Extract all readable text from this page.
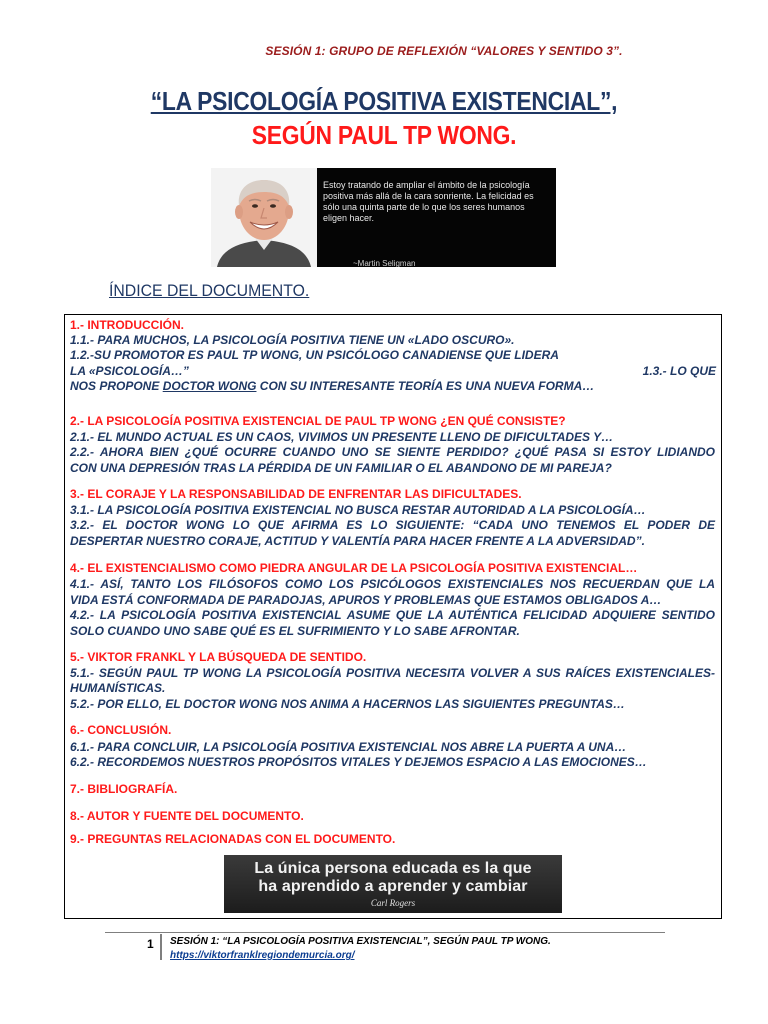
SESIÓN 1: GRUPO DE REFLEXIÓN “VALORES Y SENTIDO 3”.
“LA PSICOLOGÍA POSITIVA EXISTENCIAL”,
SEGÚN PAUL TP WONG.
Estoy tratando de ampliar el ámbito de la psicología positiva más allá de la cara sonriente. La felicidad es sólo una quinta parte de lo que los seres humanos eligen hacer.
~Martin Seligman
ÍNDICE DEL DOCUMENTO.
1.- INTRODUCCIÓN.
1.1.- PARA MUCHOS, LA PSICOLOGÍA POSITIVA TIENE UN «LADO OSCURO».
1.2.-SU PROMOTOR ES PAUL TP WONG, UN PSICÓLOGO CANADIENSE QUE LIDERA
LA «PSICOLOGÍA…”	1.3.- LO QUE
NOS PROPONE DOCTOR WONG CON SU INTERESANTE TEORÍA ES UNA NUEVA FORMA…
2.- LA PSICOLOGÍA POSITIVA EXISTENCIAL DE PAUL TP WONG ¿EN QUÉ CONSISTE?
2.1.- EL MUNDO ACTUAL ES UN CAOS, VIVIMOS UN PRESENTE LLENO DE DIFICULTADES Y…
2.2.- AHORA BIEN ¿QUÉ OCURRE CUANDO UNO SE SIENTE PERDIDO? ¿QUÉ PASA SI ESTOY LIDIANDO
CON UNA DEPRESIÓN TRAS LA PÉRDIDA DE UN FAMILIAR O EL ABANDONO DE MI PAREJA?
3.- EL CORAJE Y LA RESPONSABILIDAD DE ENFRENTAR LAS DIFICULTADES.
3.1.- LA PSICOLOGÍA POSITIVA EXISTENCIAL NO BUSCA RESTAR AUTORIDAD A LA PSICOLOGÍA…
3.2.- EL DOCTOR WONG LO QUE AFIRMA ES LO SIGUIENTE: “CADA UNO TENEMOS EL PODER DE
DESPERTAR NUESTRO CORAJE, ACTITUD Y VALENTÍA PARA HACER FRENTE A LA ADVERSIDAD”.
4.- EL EXISTENCIALISMO COMO PIEDRA ANGULAR DE LA PSICOLOGÍA POSITIVA EXISTENCIAL…
4.1.- ASÍ, TANTO LOS FILÓSOFOS COMO LOS PSICÓLOGOS EXISTENCIALES NOS RECUERDAN QUE LA
VIDA ESTÁ CONFORMADA DE PARADOJAS, APUROS Y PROBLEMAS QUE ESTAMOS OBLIGADOS A…
4.2.- LA PSICOLOGÍA POSITIVA EXISTENCIAL ASUME QUE LA AUTÉNTICA FELICIDAD ADQUIERE SENTIDO
SOLO CUANDO UNO SABE QUÉ ES EL SUFRIMIENTO Y LO SABE AFRONTAR.
5.- VIKTOR FRANKL Y LA BÚSQUEDA DE SENTIDO.
5.1.- SEGÚN PAUL TP WONG LA PSICOLOGÍA POSITIVA NECESITA VOLVER A SUS RAÍCES EXISTENCIALES-
HUMANÍSTICAS.
5.2.- POR ELLO, EL DOCTOR WONG NOS ANIMA A HACERNOS LAS SIGUIENTES PREGUNTAS…
6.- CONCLUSIÓN.
6.1.- PARA CONCLUIR, LA PSICOLOGÍA POSITIVA EXISTENCIAL NOS ABRE LA PUERTA A UNA…
6.2.- RECORDEMOS NUESTROS PROPÓSITOS VITALES Y DEJEMOS ESPACIO A LAS EMOCIONES…
7.- BIBLIOGRAFÍA.
8.- AUTOR Y FUENTE DEL DOCUMENTO.
9.- PREGUNTAS RELACIONADAS CON EL DOCUMENTO.
La única persona educada es la que
ha aprendido a aprender y cambiar
Carl Rogers
1 SESIÓN 1: “LA PSICOLOGÍA POSITIVA EXISTENCIAL”, SEGÚN PAUL TP WONG.
https://viktorfranklregiondemurcia.org/
